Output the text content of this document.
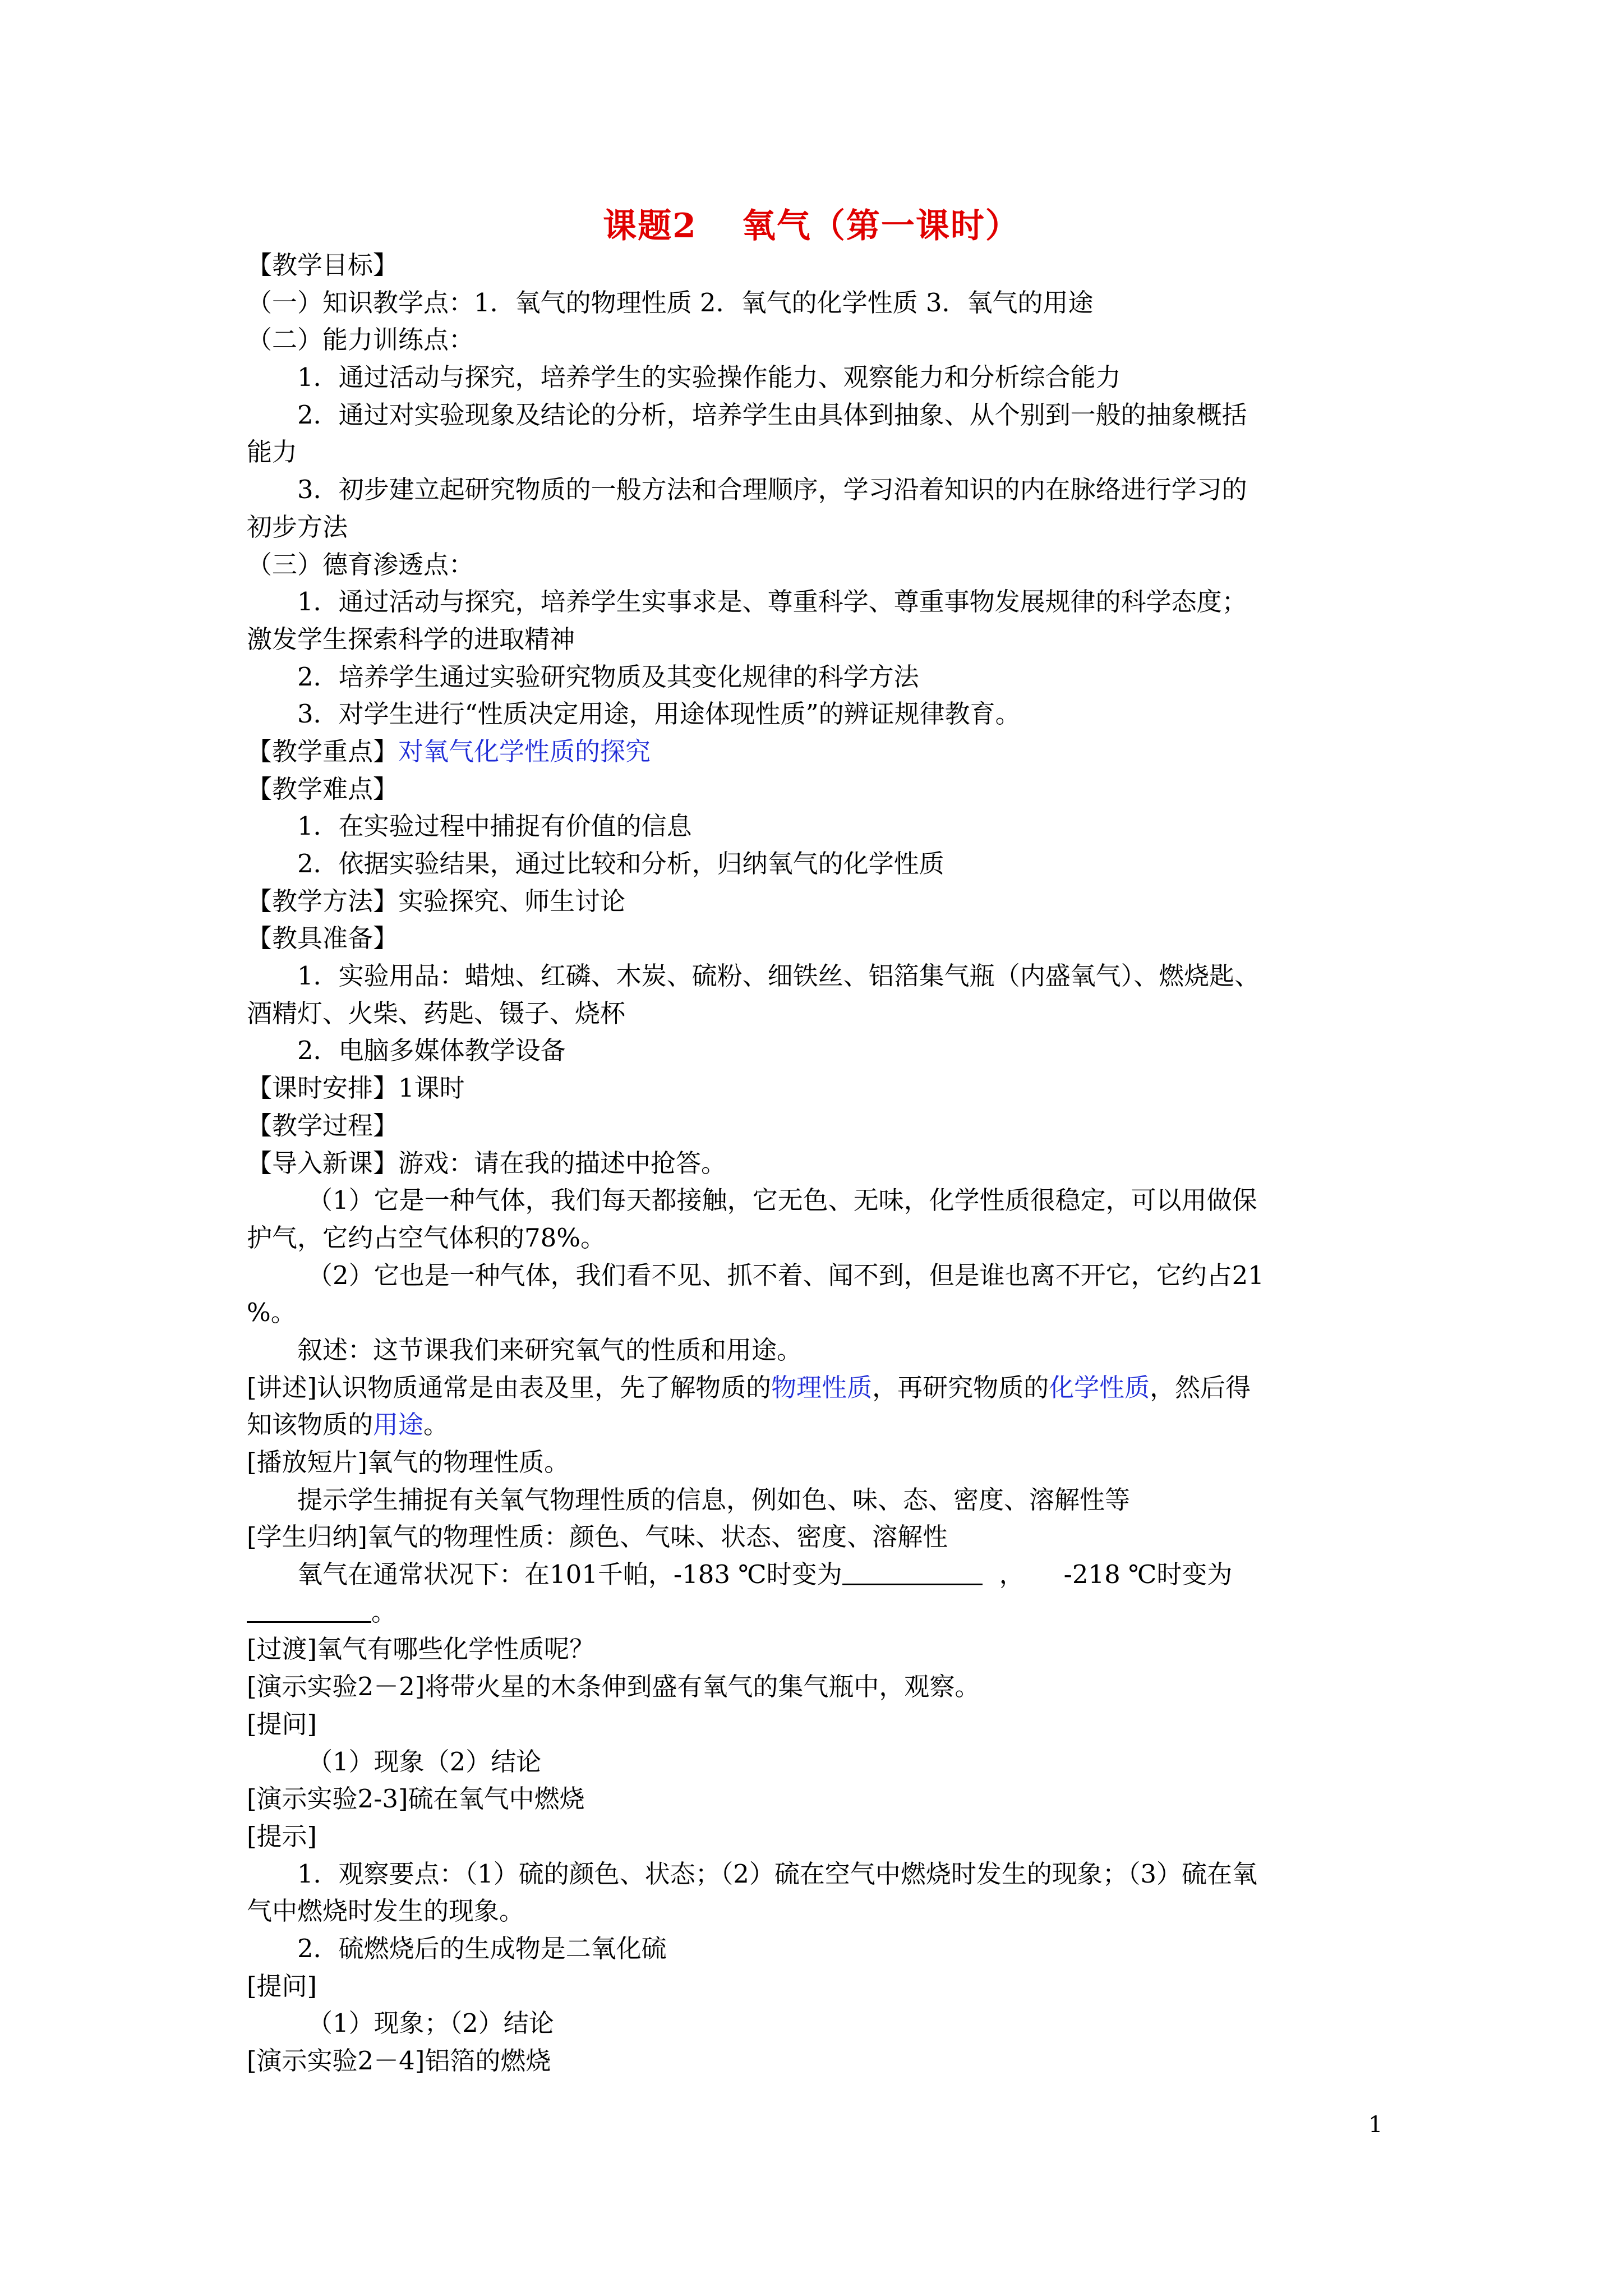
课题2 氧气（第一课时）
【教学目标】
（一）知识教学点：1．氧气的物理性质 2．氧气的化学性质 3．氧气的用途
（二）能力训练点：
1．通过活动与探究，培养学生的实验操作能力、观察能力和分析综合能力
2．通过对实验现象及结论的分析，培养学生由具体到抽象、从个别到一般的抽象概括
能力
3．初步建立起研究物质的一般方法和合理顺序，学习沿着知识的内在脉络进行学习的
初步方法
（三）德育渗透点：
1．通过活动与探究，培养学生实事求是、尊重科学、尊重事物发展规律的科学态度；
激发学生探索科学的进取精神
2．培养学生通过实验研究物质及其变化规律的科学方法
3．对学生进行“性质决定用途，用途体现性质”的辨证规律教育。
【教学重点】对氧气化学性质的探究
【教学难点】
1．在实验过程中捕捉有价值的信息
2．依据实验结果，通过比较和分析，归纳氧气的化学性质
【教学方法】实验探究、师生讨论
【教具准备】
1．实验用品：蜡烛、红磷、木炭、硫粉、细铁丝、铝箔集气瓶（内盛氧气）、燃烧匙、
酒精灯、火柴、药匙、镊子、烧杯
2．电脑多媒体教学设备
【课时安排】1课时
【教学过程】
【导入新课】游戏：请在我的描述中抢答。
（1）它是一种气体，我们每天都接触，它无色、无味，化学性质很稳定，可以用做保
护气，它约占空气体积的78%。
（2）它也是一种气体，我们看不见、抓不着、闻不到，但是谁也离不开它，它约占21
%。
叙述：这节课我们来研究氧气的性质和用途。
[讲述]认识物质通常是由表及里，先了解物质的物理性质，再研究物质的化学性质，然后得
知该物质的用途。
[播放短片]氧气的物理性质。
提示学生捕捉有关氧气物理性质的信息，例如色、味、态、密度、溶解性等
[学生归纳]氧气的物理性质：颜色、气味、状态、密度、溶解性
氧气在通常状况下：在101千帕，-183 ℃时变为	， -218 ℃时变为
。
[过渡]氧气有哪些化学性质呢？
[演示实验2－2]将带火星的木条伸到盛有氧气的集气瓶中，观察。
[提问]
（1）现象（2）结论
[演示实验2-3]硫在氧气中燃烧
[提示]
1．观察要点：（1）硫的颜色、状态；（2）硫在空气中燃烧时发生的现象；（3）硫在氧
气中燃烧时发生的现象。
2．硫燃烧后的生成物是二氧化硫
[提问]
（1）现象；（2）结论
[演示实验2－4]铝箔的燃烧
1
